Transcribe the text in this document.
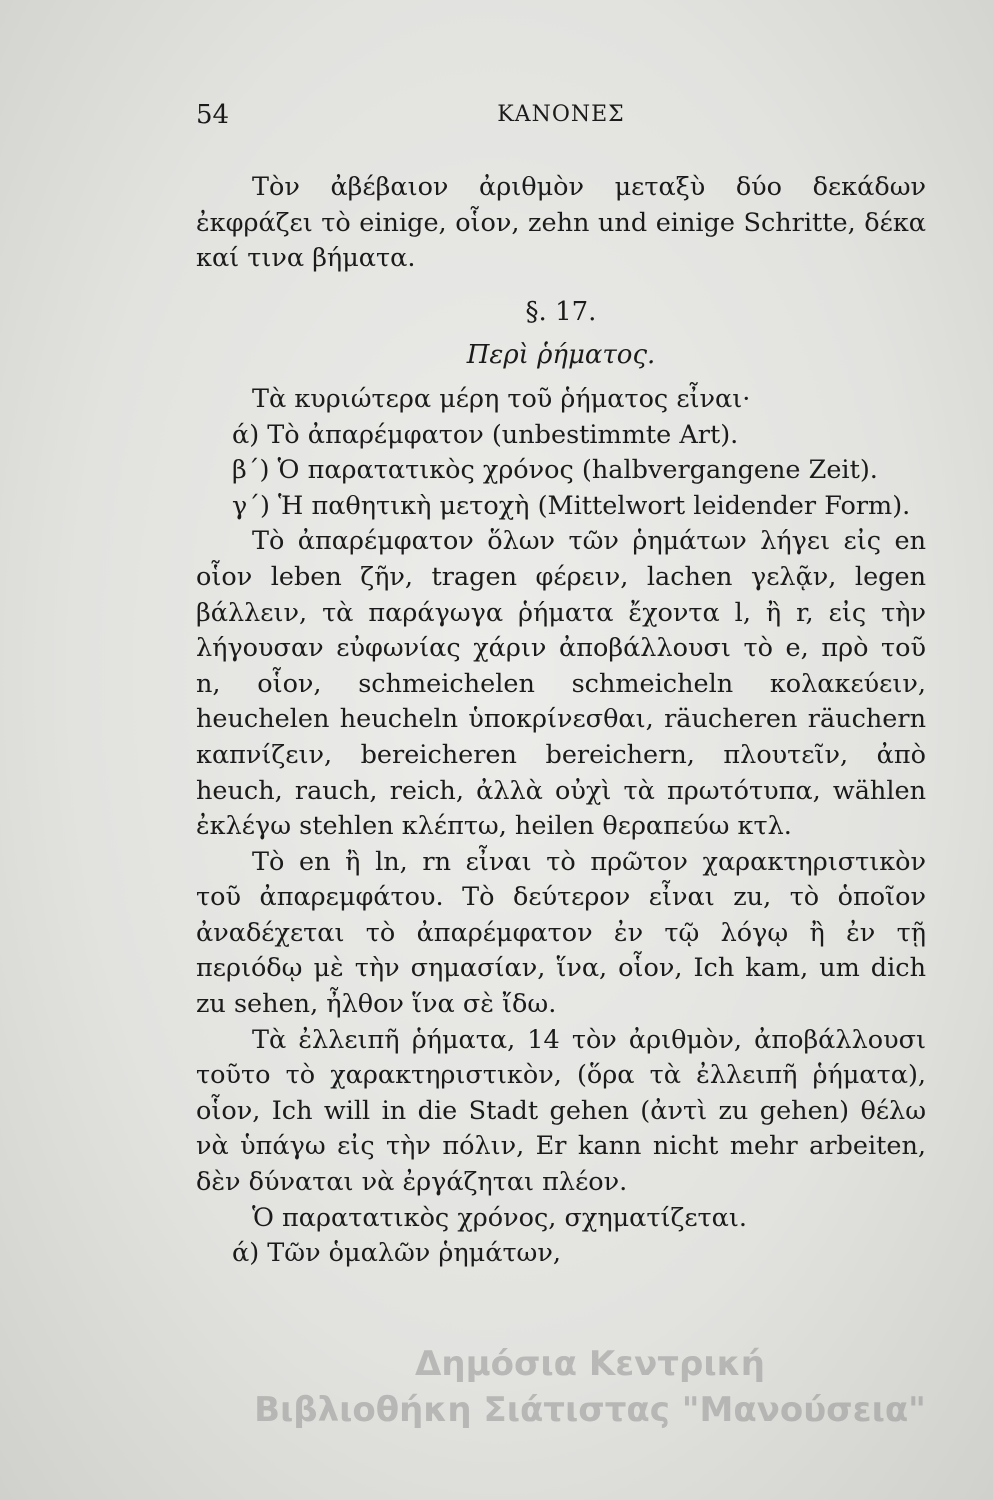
54	ΚΑΝΟΝΕΣ

Τὸν ἀβέβαιον ἀριθμὸν μεταξὺ δύο δεκάδων ἐκφράζει τὸ einige, οἷον, zehn und einige Schritte, δέκα καί τινα βήματα.

§. 17.

Περὶ ῥήματος.

Τὰ κυριώτερα μέρη τοῦ ῥήματος εἶναι·

ά) Τὸ ἀπαρέμφατον (unbestimmte Art).

β΄) Ὁ παρατατικὸς χρόνος (halbvergangene Zeit).

γ΄) Ἡ παθητικὴ μετοχὴ (Mittelwort leidender Form).

Τὸ ἀπαρέμφατον ὅλων τῶν ῥημάτων λήγει εἰς en οἷον leben ζῆν, tragen φέρειν, lachen γελᾷν, legen βάλλειν, τὰ παράγωγα ῥήματα ἔχοντα l, ἢ r, εἰς τὴν λήγουσαν εὐφωνίας χάριν ἀποβάλλουσι τὸ e, πρὸ τοῦ n, οἷον, schmeichelen schmeicheln κολακεύειν, heuchelen heucheln ὑποκρίνεσθαι, räucheren räuchern καπνίζειν, bereicheren bereichern, πλουτεῖν, ἀπὸ heuch, rauch, reich, ἀλλὰ οὐχὶ τὰ πρωτότυπα, wählen ἐκλέγω stehlen κλέπτω, heilen θεραπεύω κτλ.

Τὸ en ἢ ln, rn εἶναι τὸ πρῶτον χαρακτηριστικὸν τοῦ ἀπαρεμφάτου. Τὸ δεύτερον εἶναι zu, τὸ ὁποῖον ἀναδέχεται τὸ ἀπαρέμφατον ἐν τῷ λόγῳ ἢ ἐν τῇ περιόδῳ μὲ τὴν σημασίαν, ἵνα, οἷον, Ich kam, um dich zu sehen, ἦλθον ἵνα σὲ ἴδω.

Τὰ ἐλλειπῆ ῥήματα, 14 τὸν ἀριθμὸν, ἀποβάλλουσι τοῦτο τὸ χαρακτηριστικὸν, (ὅρα τὰ ἐλλειπῆ ῥήματα), οἷον, Ich will in die Stadt gehen (ἀντὶ zu gehen) θέλω νὰ ὑπάγω εἰς τὴν πόλιν, Er kann nicht mehr arbeiten, δὲν δύναται νὰ ἐργάζηται πλέον.

Ὁ παρατατικὸς χρόνος, σχηματίζεται.

ά) Τῶν ὁμαλῶν ῥημάτων,

Δημόσια Κεντρική
Βιβλιοθήκη Σιάτιστας "Μανούσεια"
